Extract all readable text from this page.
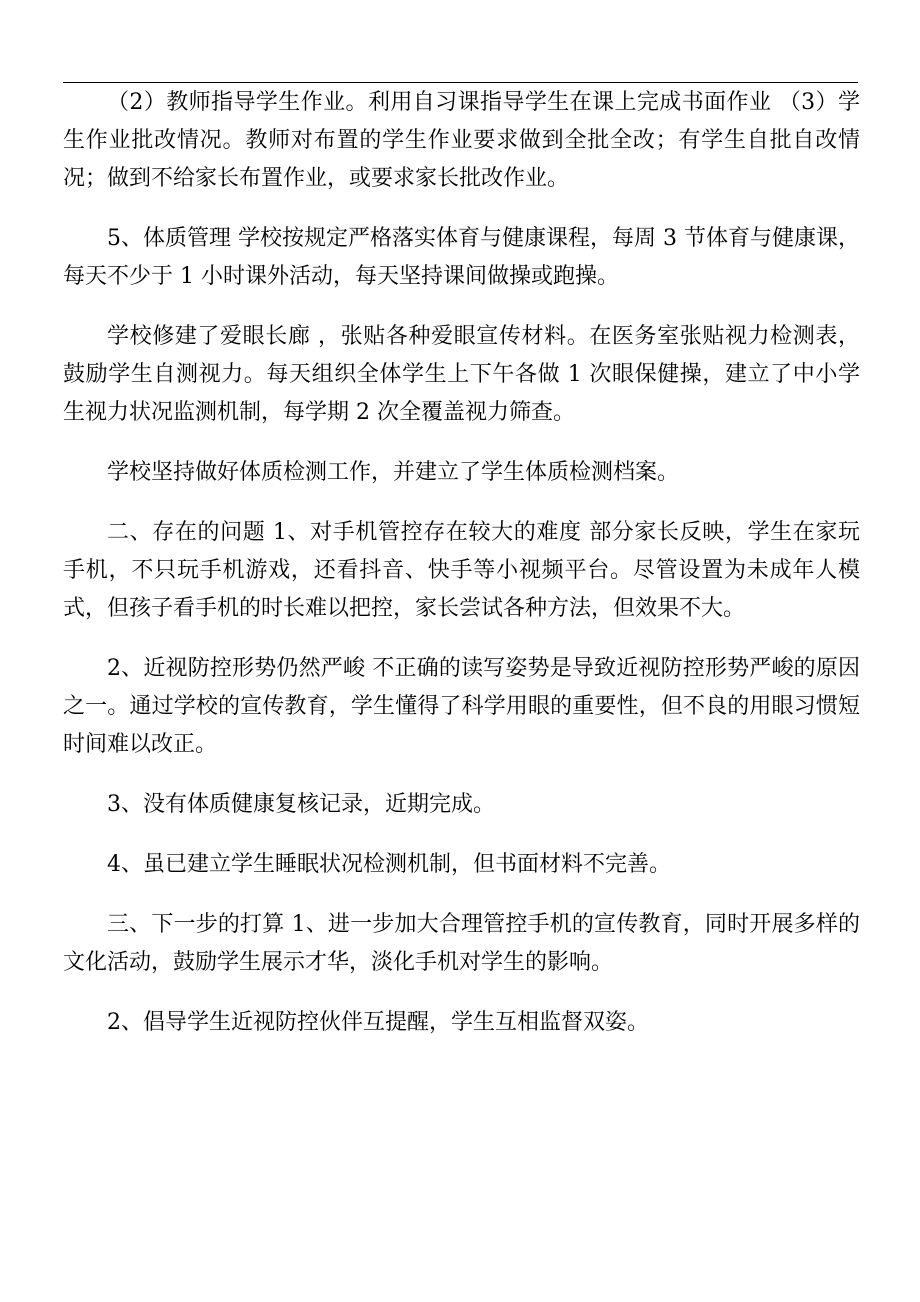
（2）教师指导学生作业。利用自习课指导学生在课上完成书面作业 （3）学生作业批改情况。教师对布置的学生作业要求做到全批全改；有学生自批自改情况；做到不给家长布置作业，或要求家长批改作业。

5、体质管理 学校按规定严格落实体育与健康课程，每周 3 节体育与健康课，每天不少于 1 小时课外活动，每天坚持课间做操或跑操。

学校修建了爱眼长廊 ，张贴各种爱眼宣传材料。在医务室张贴视力检测表，鼓励学生自测视力。每天组织全体学生上下午各做 1 次眼保健操，建立了中小学生视力状况监测机制，每学期 2 次全覆盖视力筛查。

学校坚持做好体质检测工作，并建立了学生体质检测档案。

二、存在的问题 1、对手机管控存在较大的难度 部分家长反映，学生在家玩手机，不只玩手机游戏，还看抖音、快手等小视频平台。尽管设置为未成年人模式，但孩子看手机的时长难以把控，家长尝试各种方法，但效果不大。

2、近视防控形势仍然严峻 不正确的读写姿势是导致近视防控形势严峻的原因之一。通过学校的宣传教育，学生懂得了科学用眼的重要性，但不良的用眼习惯短时间难以改正。

3、没有体质健康复核记录，近期完成。

4、虽已建立学生睡眠状况检测机制，但书面材料不完善。

三、下一步的打算 1、进一步加大合理管控手机的宣传教育，同时开展多样的文化活动，鼓励学生展示才华，淡化手机对学生的影响。

2、倡导学生近视防控伙伴互提醒，学生互相监督双姿。
